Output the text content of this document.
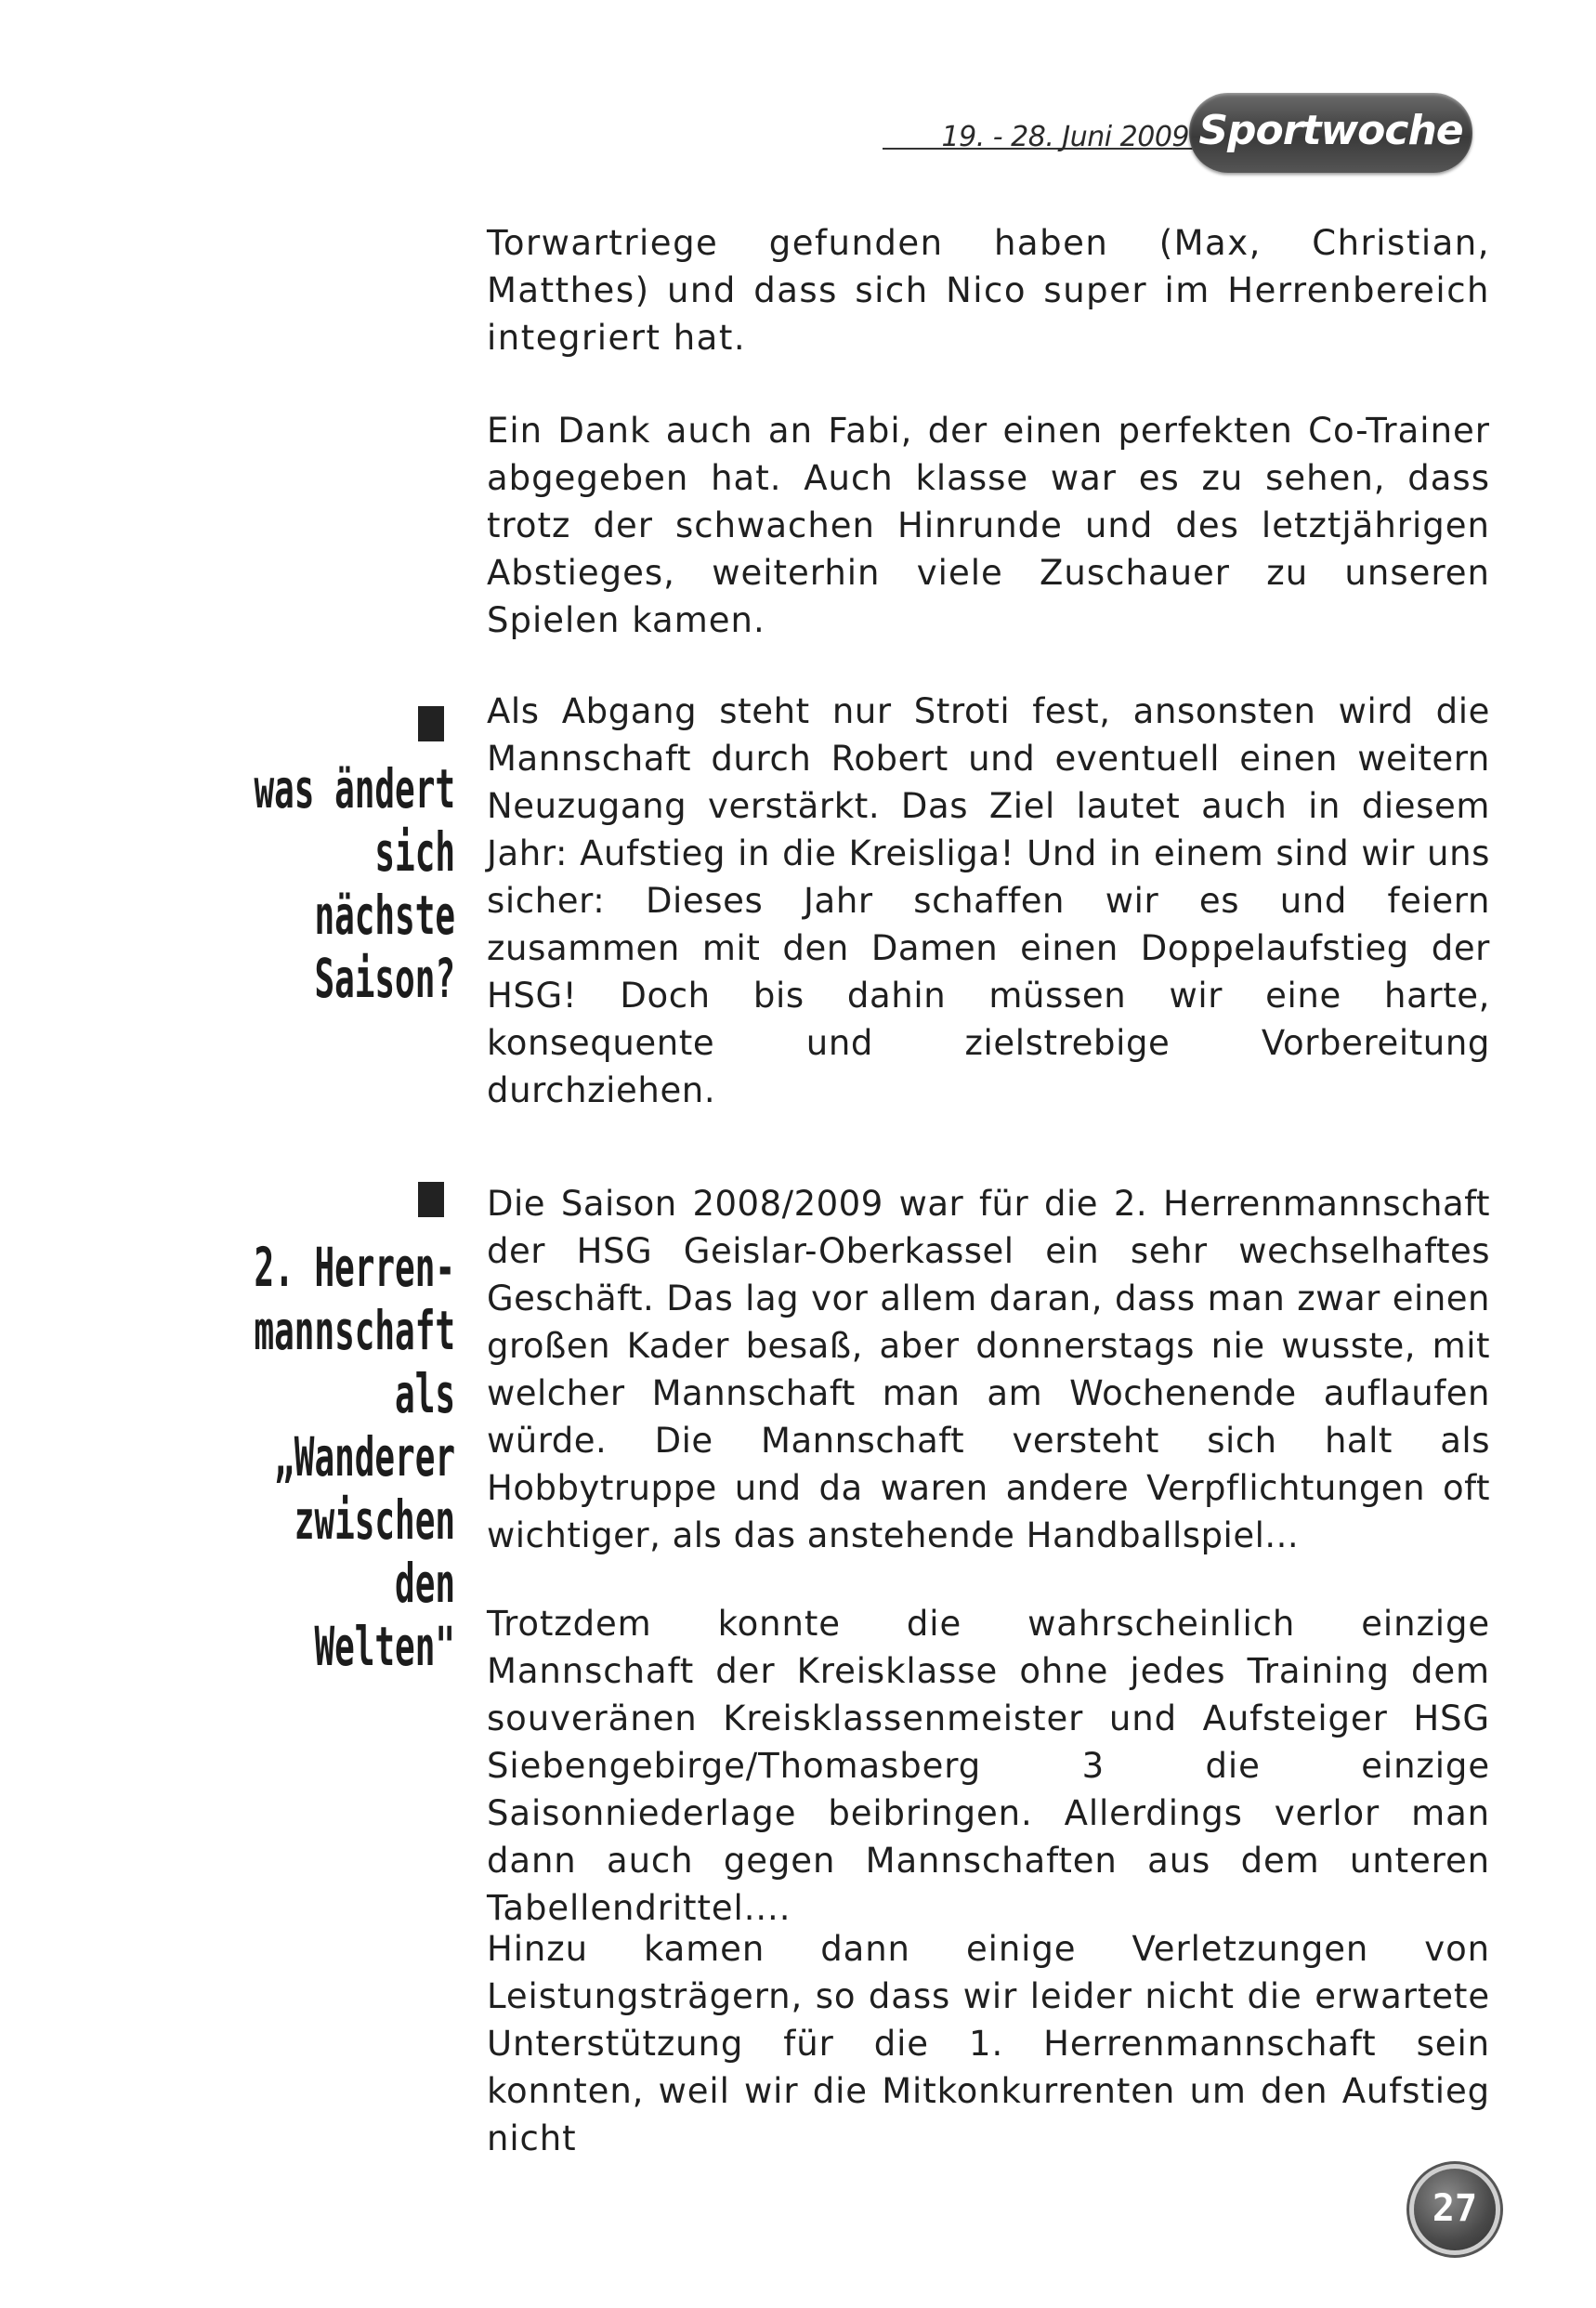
19. - 28. Juni 2009 Sportwoche

Torwartriege gefunden haben (Max, Christian, Matthes) und dass sich Nico super im Herrenbereich integriert hat.

Ein Dank auch an Fabi, der einen perfekten Co-Trainer abgegeben hat. Auch klasse war es zu sehen, dass trotz der schwachen Hinrunde und des letztjährigen Abstieges, weiterhin viele Zuschauer zu unseren Spielen kamen.

Als Abgang steht nur Stroti fest, ansonsten wird die Mannschaft durch Robert und eventuell einen weitern Neuzugang verstärkt. Das Ziel lautet auch in diesem Jahr: Aufstieg in die Kreisliga! Und in einem sind wir uns sicher: Dieses Jahr schaffen wir es und feiern zusammen mit den Damen einen Doppelaufstieg der HSG! Doch bis dahin müssen wir eine harte, konsequente und zielstrebige Vorbereitung durchziehen.

Die Saison 2008/2009 war für die 2. Herrenmannschaft der HSG Geislar-Oberkassel ein sehr wechselhaftes Geschäft. Das lag vor allem daran, dass man zwar einen großen Kader besaß, aber donnerstags nie wusste, mit welcher Mannschaft man am Wochenende auflaufen würde. Die Mannschaft versteht sich halt als Hobbytruppe und da waren andere Verpflichtungen oft wichtiger, als das anstehende Handballspiel...

Trotzdem konnte die wahrscheinlich einzige Mannschaft der Kreisklasse ohne jedes Training dem souveränen Kreisklassenmeister und Aufsteiger HSG Siebengebirge/Thomasberg 3 die einzige Saisonniederlage beibringen. Allerdings verlor man dann auch gegen Mannschaften aus dem unteren Tabellendrittel....

Hinzu kamen dann einige Verletzungen von Leistungsträgern, so dass wir leider nicht die erwartete Unterstützung für die 1. Herrenmannschaft sein konnten, weil wir die Mitkonkurrenten um den Aufstieg nicht

was ändert sich
nächste Saison?
2. Herren-
mannschaft
als „Wanderer
zwischen den
Welten"
27
